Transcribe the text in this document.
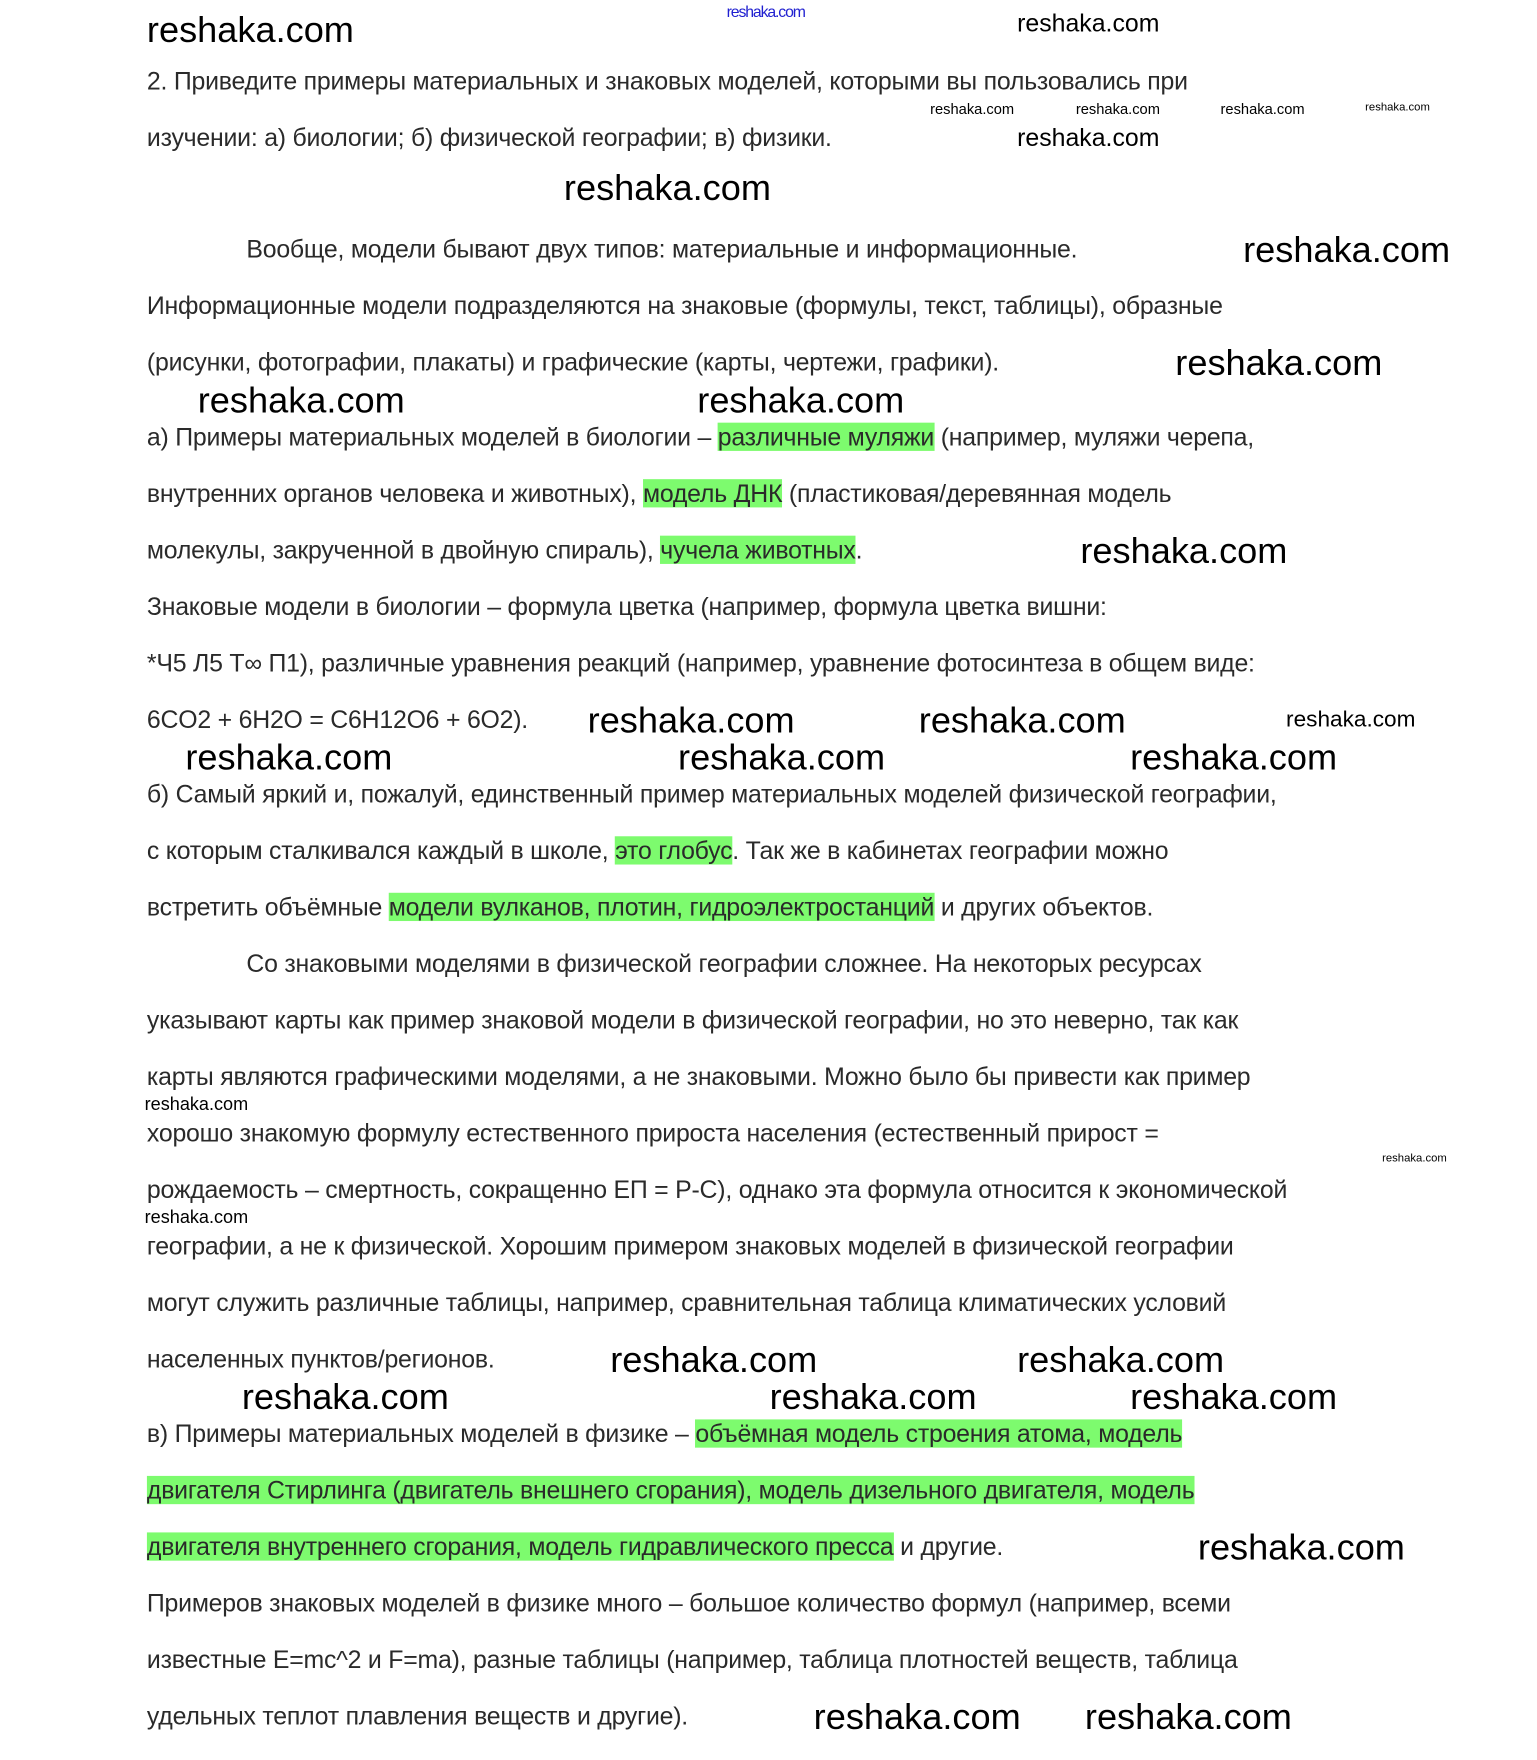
reshaka.com
2. Приведите примеры материальных и знаковых моделей, которыми вы пользовались при
изучении: а) биологии; б) физической географии; в) физики.
Вообще, модели бывают двух типов: материальные и информационные.
Информационные модели подразделяются на знаковые (формулы, текст, таблицы), образные
(рисунки, фотографии, плакаты) и графические (карты, чертежи, графики).
а) Примеры материальных моделей в биологии – различные муляжи (например, муляжи черепа,
внутренних органов человека и животных), модель ДНК (пластиковая/деревянная модель
молекулы, закрученной в двойную спираль), чучела животных.
Знаковые модели в биологии – формула цветка (например, формула цветка вишни:
*Ч5 Л5 Т∞ П1), различные уравнения реакций (например, уравнение фотосинтеза в общем виде:
6CO2 + 6H2O = C6H12O6 + 6O2).
б) Самый яркий и, пожалуй, единственный пример материальных моделей физической географии,
с которым сталкивался каждый в школе, это глобус. Так же в кабинетах географии можно
встретить объёмные модели вулканов, плотин, гидроэлектростанций и других объектов.
Со знаковыми моделями в физической географии сложнее. На некоторых ресурсах
указывают карты как пример знаковой модели в физической географии, но это неверно, так как
карты являются графическими моделями, а не знаковыми. Можно было бы привести как пример
хорошо знакомую формулу естественного прироста населения (естественный прирост =
рождаемость – смертность, сокращенно ЕП = Р-С), однако эта формула относится к экономической
географии, а не к физической. Хорошим примером знаковых моделей в физической географии
могут служить различные таблицы, например, сравнительная таблица климатических условий
населенных пунктов/регионов.
в) Примеры материальных моделей в физике – объёмная модель строения атома, модель
двигателя Стирлинга (двигатель внешнего сгорания), модель дизельного двигателя, модель
двигателя внутреннего сгорания, модель гидравлического пресса и другие.
Примеров знаковых моделей в физике много – большое количество формул (например, всеми
известные E=mc^2 и F=ma), разные таблицы (например, таблица плотностей веществ, таблица
удельных теплот плавления веществ и другие).
reshaka.com
reshaka.com	reshaka.com	reshaka.com	reshaka.com
reshaka.com
reshaka.com
reshaka.com
reshaka.com
reshaka.com
reshaka.com
reshaka.com
reshaka.com
reshaka.com
reshaka.com
reshaka.com
reshaka.com
reshaka.com
reshaka.com
reshaka.com
reshaka.com
reshaka.com
reshaka.com
reshaka.com
reshaka.com
reshaka.com
reshaka.com
reshaka.com
reshaka.com	reshaka.com
